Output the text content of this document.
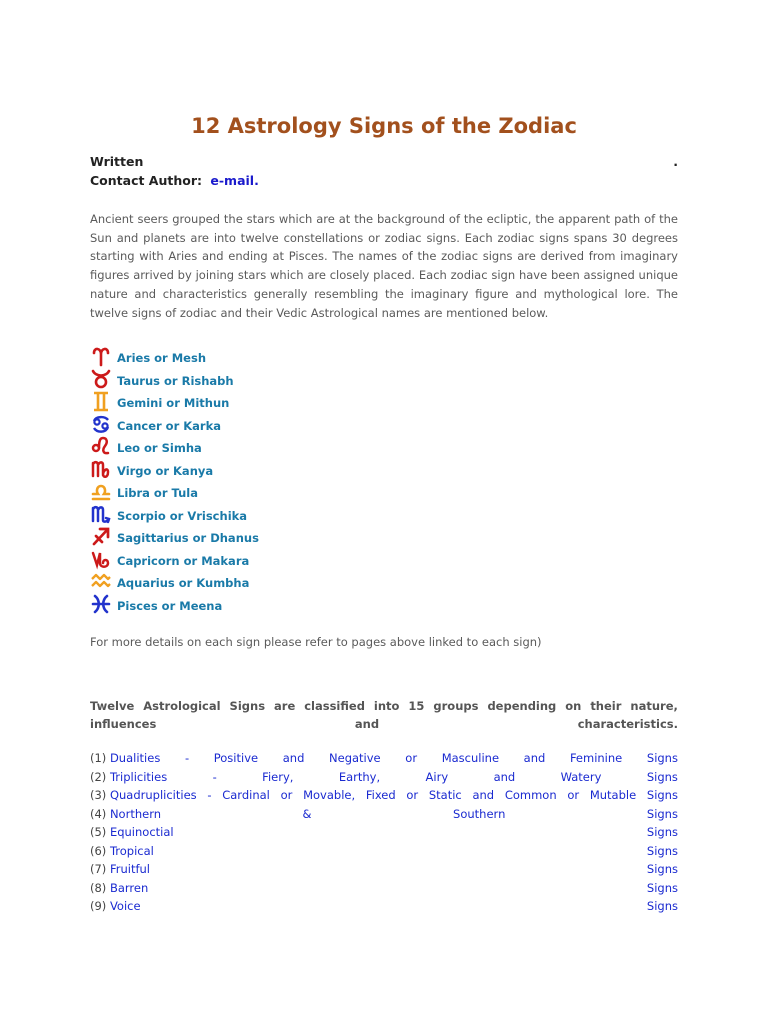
12 Astrology Signs of the Zodiac
Written	.
Contact Author: e-mail.

Ancient seers grouped the stars which are at the background of the ecliptic, the apparent path of the Sun and planets are into twelve constellations or zodiac signs. Each zodiac signs spans 30 degrees starting with Aries and ending at Pisces. The names of the zodiac signs are derived from imaginary figures arrived by joining stars which are closely placed. Each zodiac sign have been assigned unique nature and characteristics generally resembling the imaginary figure and mythological lore. The twelve signs of zodiac and their Vedic Astrological names are mentioned below.

Aries or Mesh
Taurus or Rishabh
Gemini or Mithun
Cancer or Karka
Leo or Simha
Virgo or Kanya
Libra or Tula
Scorpio or Vrischika
Sagittarius or Dhanus
Capricorn or Makara
Aquarius or Kumbha
Pisces or Meena

For more details on each sign please refer to pages above linked to each sign)

Twelve Astrological Signs are classified into 15 groups depending on their nature,
influences	and	characteristics.
(1) Dualities - Positive and Negative or Masculine and Feminine Signs
(2) Triplicities	-	Fiery,	Earthy,	Airy	and	Watery	Signs
(3) Quadruplicities - Cardinal or Movable, Fixed or Static and Common or Mutable Signs
(4) Northern	&	Southern	Signs
(5) Equinoctial	Signs
(6) Tropical	Signs
(7) Fruitful	Signs
(8) Barren	Signs
(9) Voice	Signs
